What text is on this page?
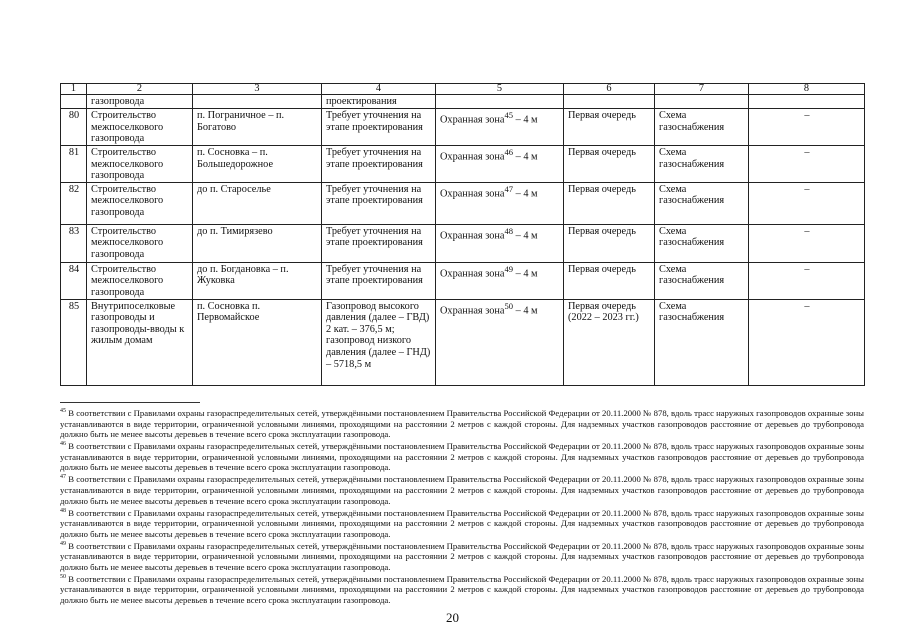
1	2	3	4	5	6	7	8
	газопровода		проектирования				
80	Строительство межпоселкового газопровода	п. Пограничное – п. Богатово	Требует уточнения на этапе проектирования	Охранная зона$^{45}$ – 4 м	Первая очередь	Схема газоснабжения	–
81	Строительство межпоселкового газопровода	п. Сосновка – п. Большедорожное	Требует уточнения на этапе проектирования	Охранная зона$^{46}$ – 4 м	Первая очередь	Схема газоснабжения	–
82	Строительство межпоселкового газопровода	до п. Староселье	Требует уточнения на этапе проектирования	Охранная зона$^{47}$ – 4 м	Первая очередь	Схема газоснабжения	–
83	Строительство межпоселкового газопровода	до п. Тимирязево	Требует уточнения на этапе проектирования	Охранная зона$^{48}$ – 4 м	Первая очередь	Схема газоснабжения	–
84	Строительство межпоселкового газопровода	до п. Богдановка – п. Жуковка	Требует уточнения на этапе проектирования	Охранная зона$^{49}$ – 4 м	Первая очередь	Схема газоснабжения	–
85	Внутрипоселковые газопроводы и газопроводы-вводы к жилым домам	п. Сосновка п. Первомайское	Газопровод высокого давления (далее – ГВД) 2 кат. – 376,5 м; газопровод низкого давления (далее – ГНД) – 5718,5 м	Охранная зона$^{50}$ – 4 м	Первая очередь (2022 – 2023 гг.)	Схема газоснабжения	–

$^{45}$ В соответствии с Правилами охраны газораспределительных сетей, утверждёнными постановлением Правительства Российской Федерации от 20.11.2000 № 878, вдоль трасс наружных газопроводов охранные зоны устанавливаются в виде территории, ограниченной условными линиями, проходящими на расстоянии 2 метров с каждой стороны. Для надземных участков газопроводов расстояние от деревьев до трубопровода должно быть не менее высоты деревьев в течение всего срока эксплуатации газопровода.

$^{46}$ В соответствии с Правилами охраны газораспределительных сетей, утверждёнными постановлением Правительства Российской Федерации от 20.11.2000 № 878, вдоль трасс наружных газопроводов охранные зоны устанавливаются в виде территории, ограниченной условными линиями, проходящими на расстоянии 2 метров с каждой стороны. Для надземных участков газопроводов расстояние от деревьев до трубопровода должно быть не менее высоты деревьев в течение всего срока эксплуатации газопровода.

$^{47}$ В соответствии с Правилами охраны газораспределительных сетей, утверждёнными постановлением Правительства Российской Федерации от 20.11.2000 № 878, вдоль трасс наружных газопроводов охранные зоны устанавливаются в виде территории, ограниченной условными линиями, проходящими на расстоянии 2 метров с каждой стороны. Для надземных участков газопроводов расстояние от деревьев до трубопровода должно быть не менее высоты деревьев в течение всего срока эксплуатации газопровода.

$^{48}$ В соответствии с Правилами охраны газораспределительных сетей, утверждёнными постановлением Правительства Российской Федерации от 20.11.2000 № 878, вдоль трасс наружных газопроводов охранные зоны устанавливаются в виде территории, ограниченной условными линиями, проходящими на расстоянии 2 метров с каждой стороны. Для надземных участков газопроводов расстояние от деревьев до трубопровода должно быть не менее высоты деревьев в течение всего срока эксплуатации газопровода.

$^{49}$ В соответствии с Правилами охраны газораспределительных сетей, утверждёнными постановлением Правительства Российской Федерации от 20.11.2000 № 878, вдоль трасс наружных газопроводов охранные зоны устанавливаются в виде территории, ограниченной условными линиями, проходящими на расстоянии 2 метров с каждой стороны. Для надземных участков газопроводов расстояние от деревьев до трубопровода должно быть не менее высоты деревьев в течение всего срока эксплуатации газопровода.

$^{50}$ В соответствии с Правилами охраны газораспределительных сетей, утверждёнными постановлением Правительства Российской Федерации от 20.11.2000 № 878, вдоль трасс наружных газопроводов охранные зоны устанавливаются в виде территории, ограниченной условными линиями, проходящими на расстоянии 2 метров с каждой стороны. Для надземных участков газопроводов расстояние от деревьев до трубопровода должно быть не менее высоты деревьев в течение всего срока эксплуатации газопровода.

20
